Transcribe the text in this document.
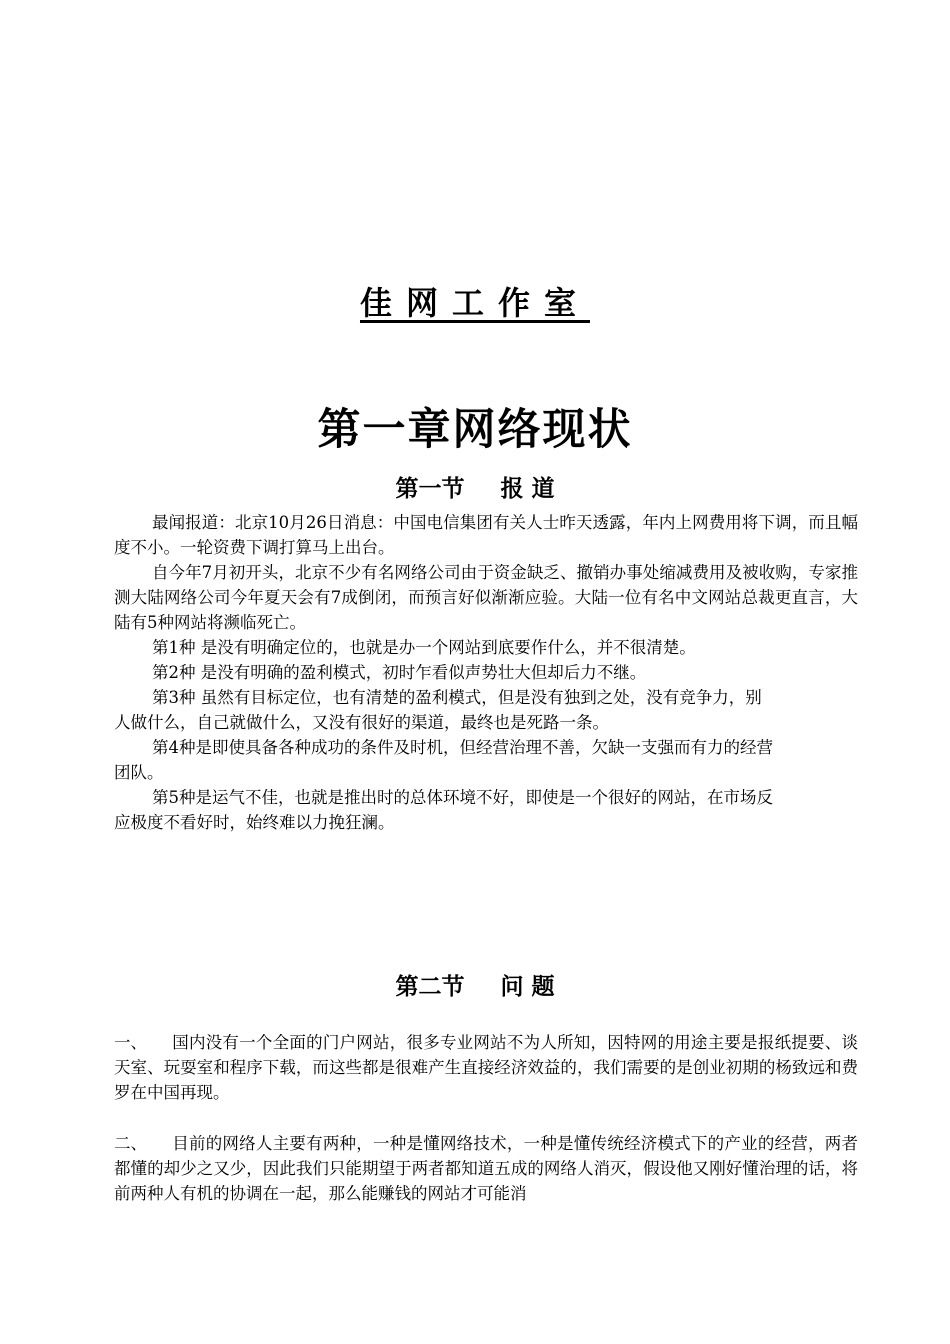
佳网工作室
第一章网络现状
第一节 报 道

最闻报道：北京10月26日消息：中国电信集团有关人士昨天透露，年内上网费用将下调，而且幅度不小。一轮资费下调打算马上出台。

自今年7月初开头，北京不少有名网络公司由于资金缺乏、撤销办事处缩减费用及被收购，专家推测大陆网络公司今年夏天会有7成倒闭，而预言好似渐渐应验。大陆一位有名中文网站总裁更直言，大陆有5种网站将濒临死亡。

第1种 是没有明确定位的，也就是办一个网站到底要作什么，并不很清楚。

第2种 是没有明确的盈利模式，初时乍看似声势壮大但却后力不继。

第3种 虽然有目标定位，也有清楚的盈利模式，但是没有独到之处，没有竞争力，别

人做什么，自己就做什么，又没有很好的渠道，最终也是死路一条。

第4种是即使具备各种成功的条件及时机，但经营治理不善，欠缺一支强而有力的经营

团队。

第5种是运气不佳，也就是推出时的总体环境不好，即使是一个很好的网站，在市场反

应极度不看好时，始终难以力挽狂澜。

第二节 问 题

一、 国内没有一个全面的门户网站，很多专业网站不为人所知，因特网的用途主要是报纸提要、谈天室、玩耍室和程序下载，而这些都是很难产生直接经济效益的，我们需要的是创业初期的杨致远和费罗在中国再现。

二、 目前的网络人主要有两种，一种是懂网络技术，一种是懂传统经济模式下的产业的经营，两者都懂的却少之又少，因此我们只能期望于两者都知道五成的网络人消灭，假设他又刚好懂治理的话，将前两种人有机的协调在一起，那么能赚钱的网站才可能消
